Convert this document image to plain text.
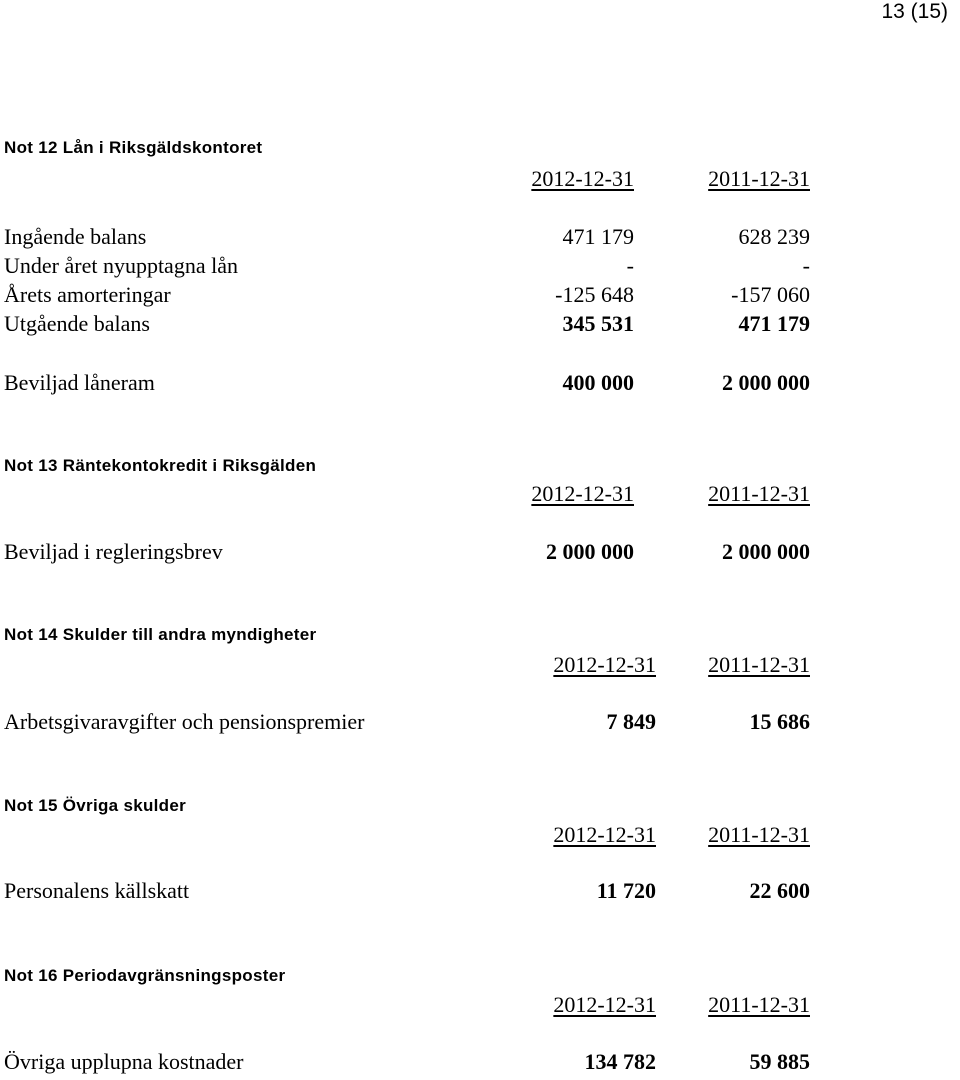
13 (15)
Not 12 Lån i Riksgäldskontoret
2012-12-31	2011-12-31
Ingående balans	471 179	628 239
Under året nyupptagna lån	-	-
Årets amorteringar	-125 648	-157 060
Utgående balans	345 531	471 179
Beviljad låneram	400 000	2 000 000
Not 13 Räntekontokredit i Riksgälden
2012-12-31	2011-12-31
Beviljad i regleringsbrev	2 000 000	2 000 000
Not 14 Skulder till andra myndigheter
2012-12-31 2011-12-31
Arbetsgivaravgifter och pensionspremier	7 849	15 686
Not 15 Övriga skulder
2012-12-31 2011-12-31
Personalens källskatt	11 720	22 600
Not 16 Periodavgränsningsposter
2012-12-31 2011-12-31
Övriga upplupna kostnader	134 782	59 885
